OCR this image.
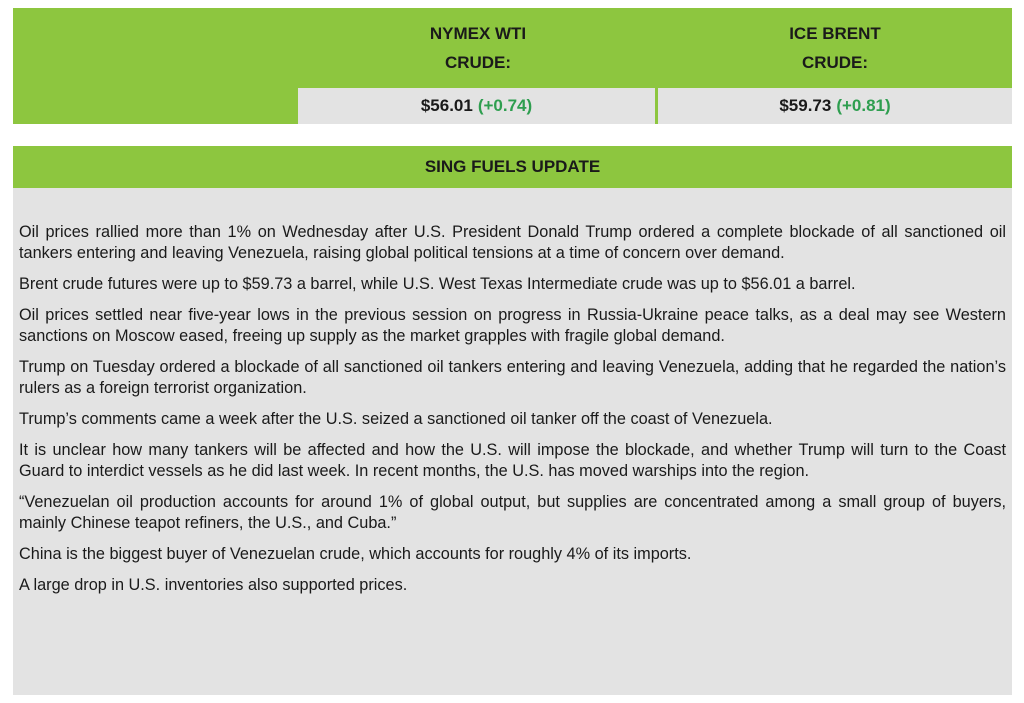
NYMEX WTI
CRUDE:
ICE BRENT
CRUDE:
$56.01 (+0.74)	$59.73 (+0.81)
SING FUELS UPDATE

Oil prices rallied more than 1% on Wednesday after U.S. President Donald Trump ordered a complete blockade of all sanctioned oil tankers entering and leaving Venezuela, raising global political tensions at a time of concern over demand.

Brent crude futures were up to $59.73 a barrel, while U.S. West Texas Intermediate crude was up to $56.01 a barrel.

Oil prices settled near five-year lows in the previous session on progress in Russia-Ukraine peace talks, as a deal may see Western sanctions on Moscow eased, freeing up supply as the market grapples with fragile global demand.

Trump on Tuesday ordered a blockade of all sanctioned oil tankers entering and leaving Venezuela, adding that he regarded the nation’s rulers as a foreign terrorist organization.

Trump’s comments came a week after the U.S. seized a sanctioned oil tanker off the coast of Venezuela.

It is unclear how many tankers will be affected and how the U.S. will impose the blockade, and whether Trump will turn to the Coast Guard to interdict vessels as he did last week. In recent months, the U.S. has moved warships into the region.

“Venezuelan oil production accounts for around 1% of global output, but supplies are concentrated among a small group of buyers, mainly Chinese teapot refiners, the U.S., and Cuba.”

China is the biggest buyer of Venezuelan crude, which accounts for roughly 4% of its imports.

A large drop in U.S. inventories also supported prices.
